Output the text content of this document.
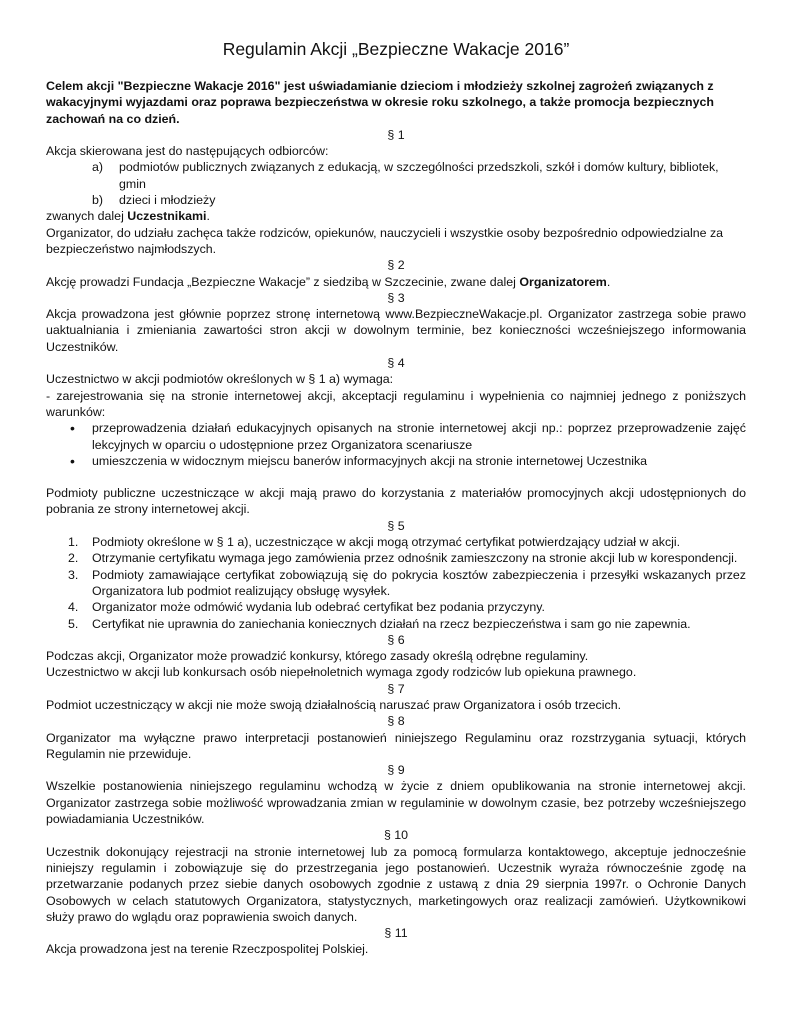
Regulamin Akcji „Bezpieczne Wakacje 2016”

Celem akcji "Bezpieczne Wakacje 2016" jest uświadamianie dzieciom i młodzieży szkolnej zagrożeń związanych z wakacyjnymi wyjazdami oraz poprawa bezpieczeństwa w okresie roku szkolnego, a także promocja bezpiecznych zachowań na co dzień.

§ 1

Akcja skierowana jest do następujących odbiorców:

a) podmiotów publicznych związanych z edukacją, w szczególności przedszkoli, szkół i domów kultury, bibliotek, gmin
b) dzieci i młodzieży

zwanych dalej Uczestnikami.

Organizator, do udziału zachęca także rodziców, opiekunów, nauczycieli i wszystkie osoby bezpośrednio odpowiedzialne za bezpieczeństwo najmłodszych.

§ 2

Akcję prowadzi Fundacja „Bezpieczne Wakacje” z siedzibą w Szczecinie, zwane dalej Organizatorem.

§ 3

Akcja prowadzona jest głównie poprzez stronę internetową www.BezpieczneWakacje.pl. Organizator zastrzega sobie prawo uaktualniania i zmieniania zawartości stron akcji w dowolnym terminie, bez konieczności wcześniejszego informowania Uczestników.

§ 4

Uczestnictwo w akcji podmiotów określonych w § 1 a) wymaga:

- zarejestrowania się na stronie internetowej akcji, akceptacji regulaminu i wypełnienia co najmniej jednego z poniższych warunków:

• przeprowadzenia działań edukacyjnych opisanych na stronie internetowej akcji np.: poprzez przeprowadzenie zajęć lekcyjnych w oparciu o udostępnione przez Organizatora scenariusze
• umieszczenia w widocznym miejscu banerów informacyjnych akcji na stronie internetowej Uczestnika

Podmioty publiczne uczestniczące w akcji mają prawo do korzystania z materiałów promocyjnych akcji udostępnionych do pobrania ze strony internetowej akcji.

§ 5

1. Podmioty określone w § 1 a), uczestniczące w akcji mogą otrzymać certyfikat potwierdzający udział w akcji.
2. Otrzymanie certyfikatu wymaga jego zamówienia przez odnośnik zamieszczony na stronie akcji lub w korespondencji.
3. Podmioty zamawiające certyfikat zobowiązują się do pokrycia kosztów zabezpieczenia i przesyłki wskazanych przez Organizatora lub podmiot realizujący obsługę wysyłek.
4. Organizator może odmówić wydania lub odebrać certyfikat bez podania przyczyny.
5. Certyfikat nie uprawnia do zaniechania koniecznych działań na rzecz bezpieczeństwa i sam go nie zapewnia.

§ 6

Podczas akcji, Organizator może prowadzić konkursy, którego zasady określą odrębne regulaminy.

Uczestnictwo w akcji lub konkursach osób niepełnoletnich wymaga zgody rodziców lub opiekuna prawnego.

§ 7

Podmiot uczestniczący w akcji nie może swoją działalnością naruszać praw Organizatora i osób trzecich.

§ 8

Organizator ma wyłączne prawo interpretacji postanowień niniejszego Regulaminu oraz rozstrzygania sytuacji, których Regulamin nie przewiduje.

§ 9

Wszelkie postanowienia niniejszego regulaminu wchodzą w życie z dniem opublikowania na stronie internetowej akcji. Organizator zastrzega sobie możliwość wprowadzania zmian w regulaminie w dowolnym czasie, bez potrzeby wcześniejszego powiadamiania Uczestników.

§ 10

Uczestnik dokonujący rejestracji na stronie internetowej lub za pomocą formularza kontaktowego, akceptuje jednocześnie niniejszy regulamin i zobowiązuje się do przestrzegania jego postanowień. Uczestnik wyraża równocześnie zgodę na przetwarzanie podanych przez siebie danych osobowych zgodnie z ustawą z dnia 29 sierpnia 1997r. o Ochronie Danych Osobowych w celach statutowych Organizatora, statystycznych, marketingowych oraz realizacji zamówień. Użytkownikowi służy prawo do wglądu oraz poprawienia swoich danych.

§ 11

Akcja prowadzona jest na terenie Rzeczpospolitej Polskiej.
